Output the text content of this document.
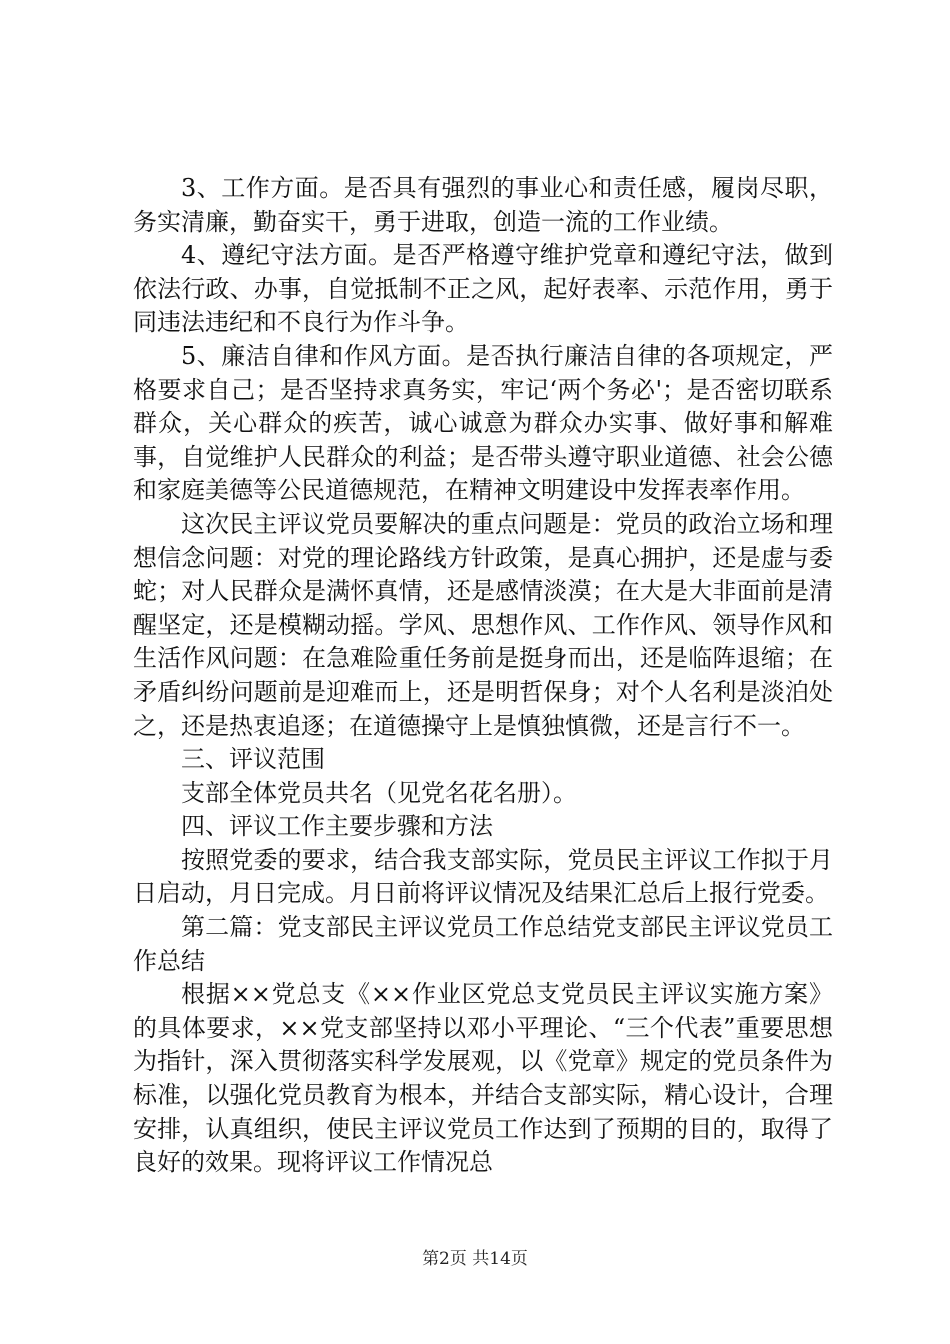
3、工作方面。是否具有强烈的事业心和责任感，履岗尽职，务实清廉，勤奋实干，勇于进取，创造一流的工作业绩。

4、遵纪守法方面。是否严格遵守维护党章和遵纪守法，做到依法行政、办事，自觉抵制不正之风，起好表率、示范作用，勇于同违法违纪和不良行为作斗争。

5、廉洁自律和作风方面。是否执行廉洁自律的各项规定，严格要求自己；是否坚持求真务实，牢记‘两个务必'；是否密切联系群众，关心群众的疾苦，诚心诚意为群众办实事、做好事和解难事，自觉维护人民群众的利益；是否带头遵守职业道德、社会公德和家庭美德等公民道德规范，在精神文明建设中发挥表率作用。

这次民主评议党员要解决的重点问题是：党员的政治立场和理想信念问题：对党的理论路线方针政策，是真心拥护，还是虚与委蛇；对人民群众是满怀真情，还是感情淡漠；在大是大非面前是清醒坚定，还是模糊动摇。学风、思想作风、工作作风、领导作风和生活作风问题：在急难险重任务前是挺身而出，还是临阵退缩；在矛盾纠纷问题前是迎难而上，还是明哲保身；对个人名利是淡泊处之，还是热衷追逐；在道德操守上是慎独慎微，还是言行不一。

三、评议范围

支部全体党员共名（见党名花名册）。

四、评议工作主要步骤和方法

按照党委的要求，结合我支部实际，党员民主评议工作拟于月日启动，月日完成。月日前将评议情况及结果汇总后上报行党委。

第二篇：党支部民主评议党员工作总结党支部民主评议党员工作总结

根据××党总支《××作业区党总支党员民主评议实施方案》的具体要求，××党支部坚持以邓小平理论、“三个代表”重要思想为指针，深入贯彻落实科学发展观，以《党章》规定的党员条件为标准，以强化党员教育为根本，并结合支部实际，精心设计，合理安排，认真组织，使民主评议党员工作达到了预期的目的，取得了良好的效果。现将评议工作情况总

第2页 共14页
